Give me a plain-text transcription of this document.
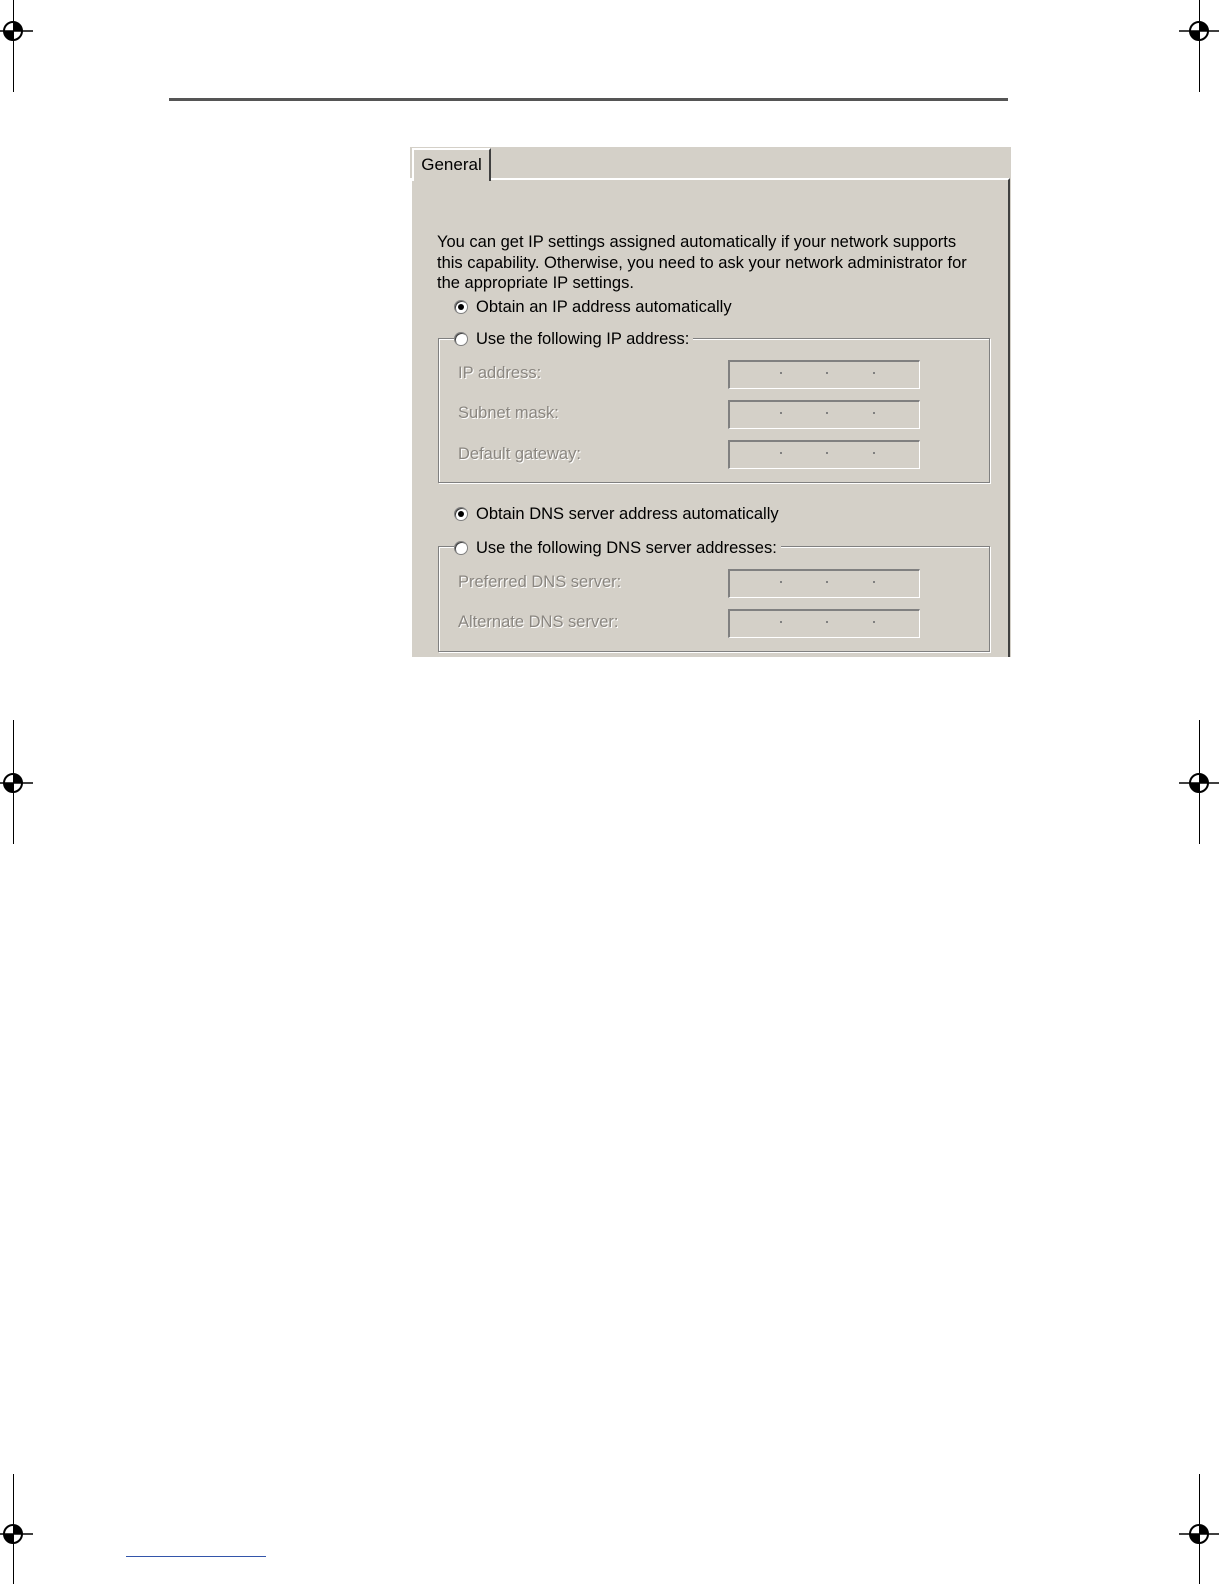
General
You can get IP settings assigned automatically if your network supports
this capability. Otherwise, you need to ask your network administrator for
the appropriate IP settings.
Obtain an IP address automatically
IP address:
Subnet mask:
Default gateway:
Use the following IP address:
Obtain DNS server address automatically
Preferred DNS server:
Alternate DNS server:
Use the following DNS server addresses:
